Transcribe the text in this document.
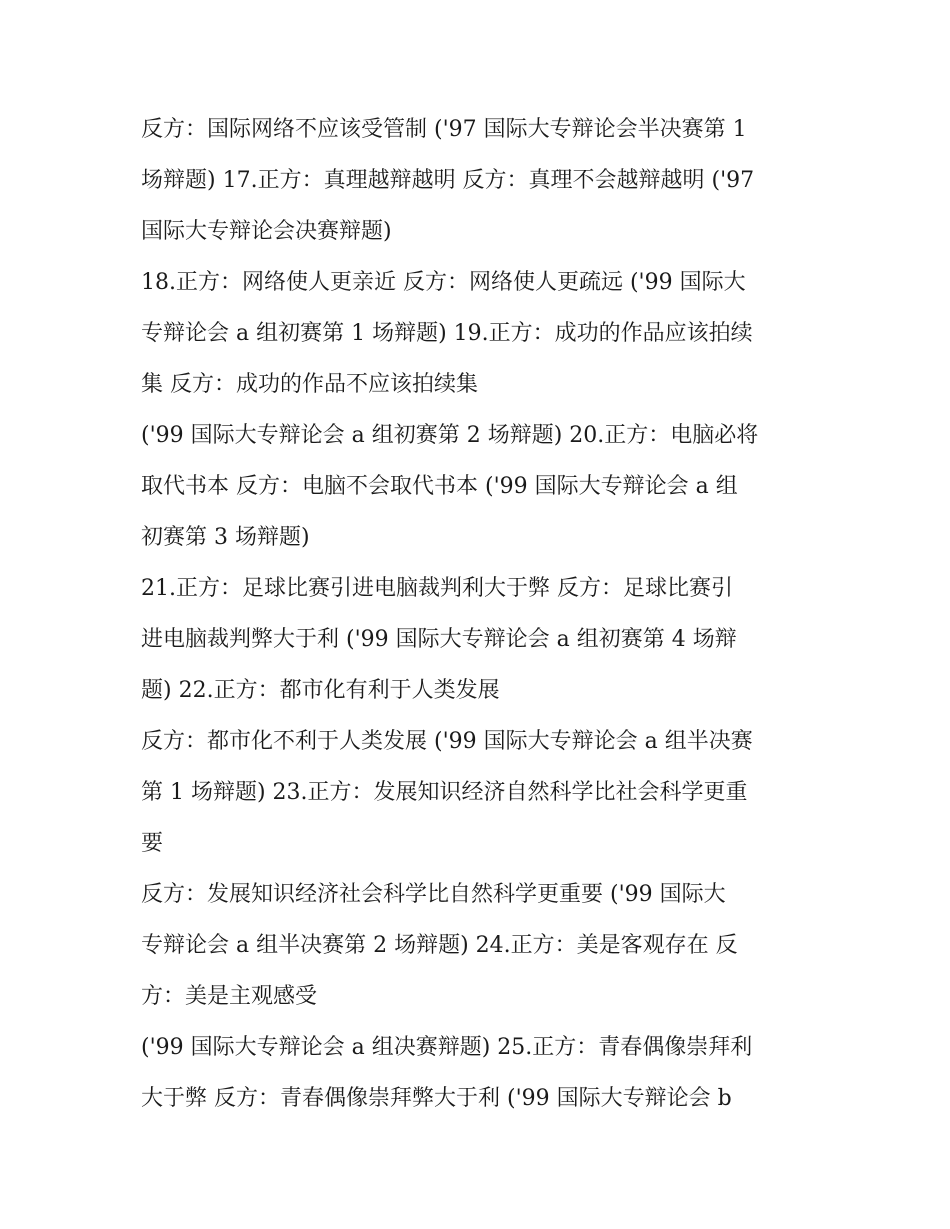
反方：国际网络不应该受管制 ('97 国际大专辩论会半决赛第 1
场辩题) 17.正方：真理越辩越明 反方：真理不会越辩越明 ('97
国际大专辩论会决赛辩题)
18.正方：网络使人更亲近 反方：网络使人更疏远 ('99 国际大
专辩论会 a 组初赛第 1 场辩题) 19.正方：成功的作品应该拍续
集 反方：成功的作品不应该拍续集
('99 国际大专辩论会 a 组初赛第 2 场辩题) 20.正方：电脑必将
取代书本 反方：电脑不会取代书本 ('99 国际大专辩论会 a 组
初赛第 3 场辩题)
21.正方：足球比赛引进电脑裁判利大于弊 反方：足球比赛引
进电脑裁判弊大于利 ('99 国际大专辩论会 a 组初赛第 4 场辩
题) 22.正方：都市化有利于人类发展
反方：都市化不利于人类发展 ('99 国际大专辩论会 a 组半决赛
第 1 场辩题) 23.正方：发展知识经济自然科学比社会科学更重
要
反方：发展知识经济社会科学比自然科学更重要 ('99 国际大
专辩论会 a 组半决赛第 2 场辩题) 24.正方：美是客观存在 反
方：美是主观感受
('99 国际大专辩论会 a 组决赛辩题) 25.正方：青春偶像崇拜利
大于弊 反方：青春偶像崇拜弊大于利 ('99 国际大专辩论会 b
